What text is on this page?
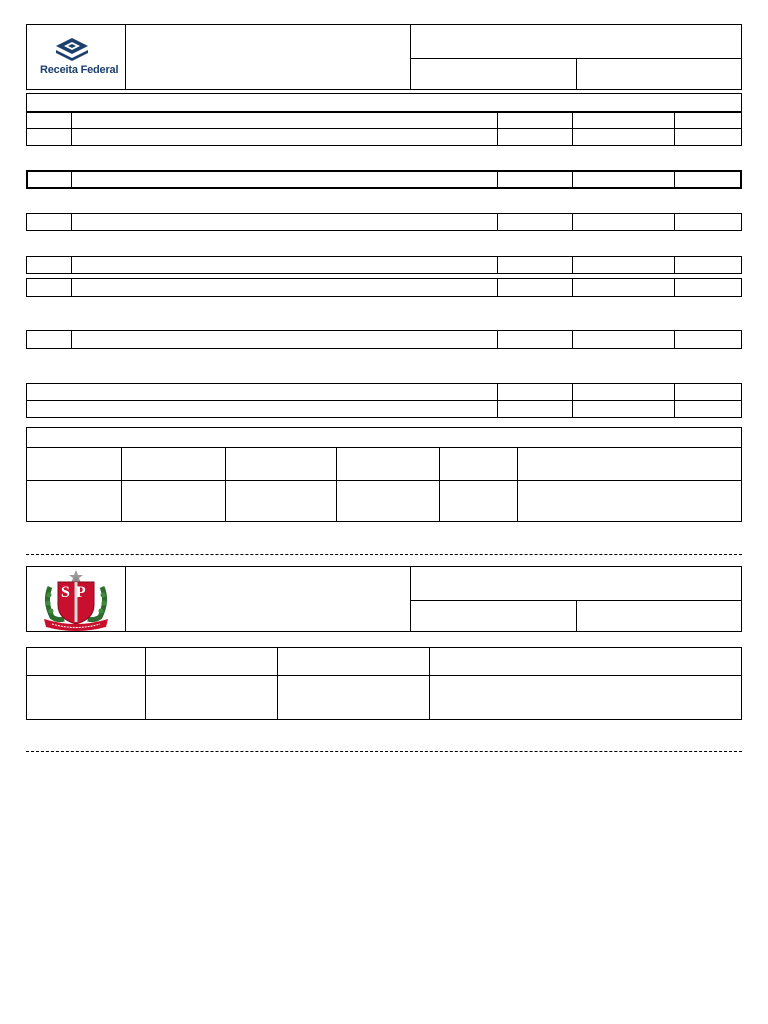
Receita Federal
SP
